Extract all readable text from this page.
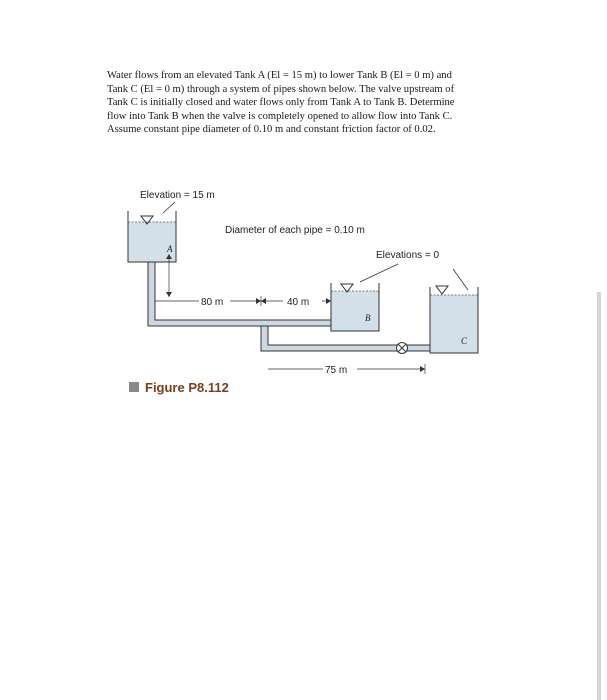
Water flows from an elevated Tank A (El = 15 m) to lower Tank B (El = 0 m) and
Tank C (El = 0 m) through a system of pipes shown below. The valve upstream of
Tank C is initially closed and water flows only from Tank A to Tank B. Determine
flow into Tank B when the valve is completely opened to allow flow into Tank C.
Assume constant pipe diameter of 0.10 m and constant friction factor of 0.02.
Elevation = 15 m
Diameter of each pipe = 0.10 m
Elevations = 0
A
B
C
80 m	40 m
75 m
Figure P8.112
